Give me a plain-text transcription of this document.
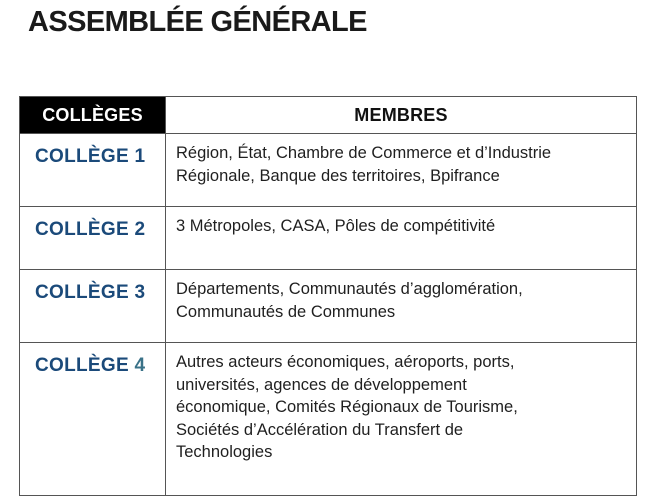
ASSEMBLÉE GÉNÉRALE
COLLÈGES	MEMBRES
COLLÈGE 1	Région, État, Chambre de Commerce et d’Industrie
Régionale, Banque des territoires, Bpifrance

COLLÈGE 2	3 Métropoles, CASA, Pôles de compétitivité

COLLÈGE 3	Départements, Communautés d’agglomération,
Communautés de Communes

COLLÈGE 4	Autres acteurs économiques, aéroports, ports,
universités, agences de développement
économique, Comités Régionaux de Tourisme,
Sociétés d’Accélération du Transfert de
Technologies
